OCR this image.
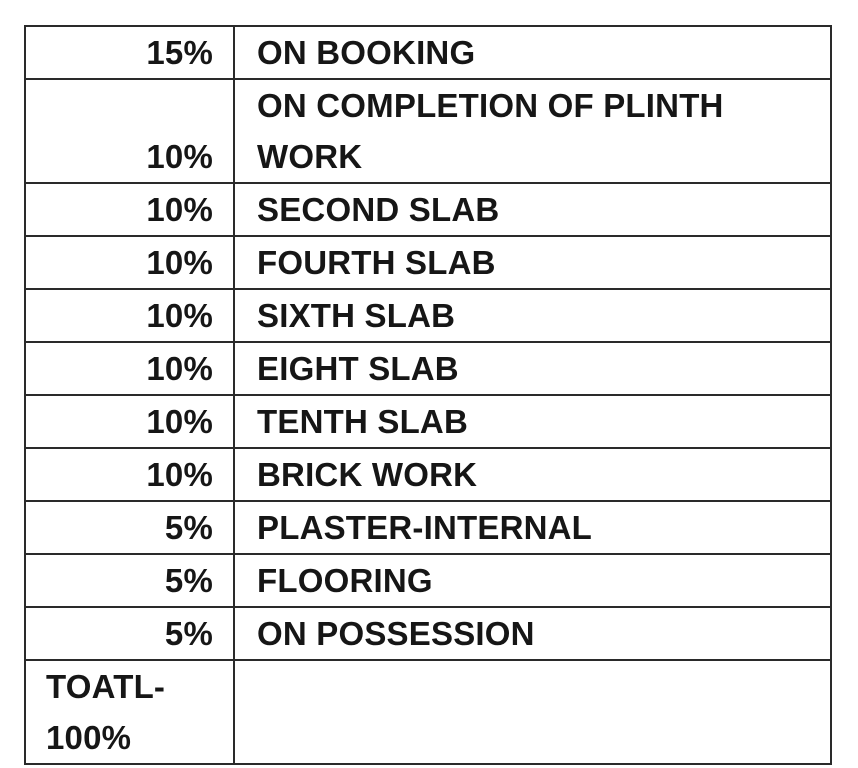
15%	ON BOOKING
10%	ON COMPLETION OF PLINTH
WORK

10%	SECOND SLAB
10%	FOURTH SLAB
10%	SIXTH SLAB
10%	EIGHT SLAB
10%	TENTH SLAB
10%	BRICK WORK
5%	PLASTER-INTERNAL
5%	FLOORING
5%	ON POSSESSION

TOATL-
100%	
